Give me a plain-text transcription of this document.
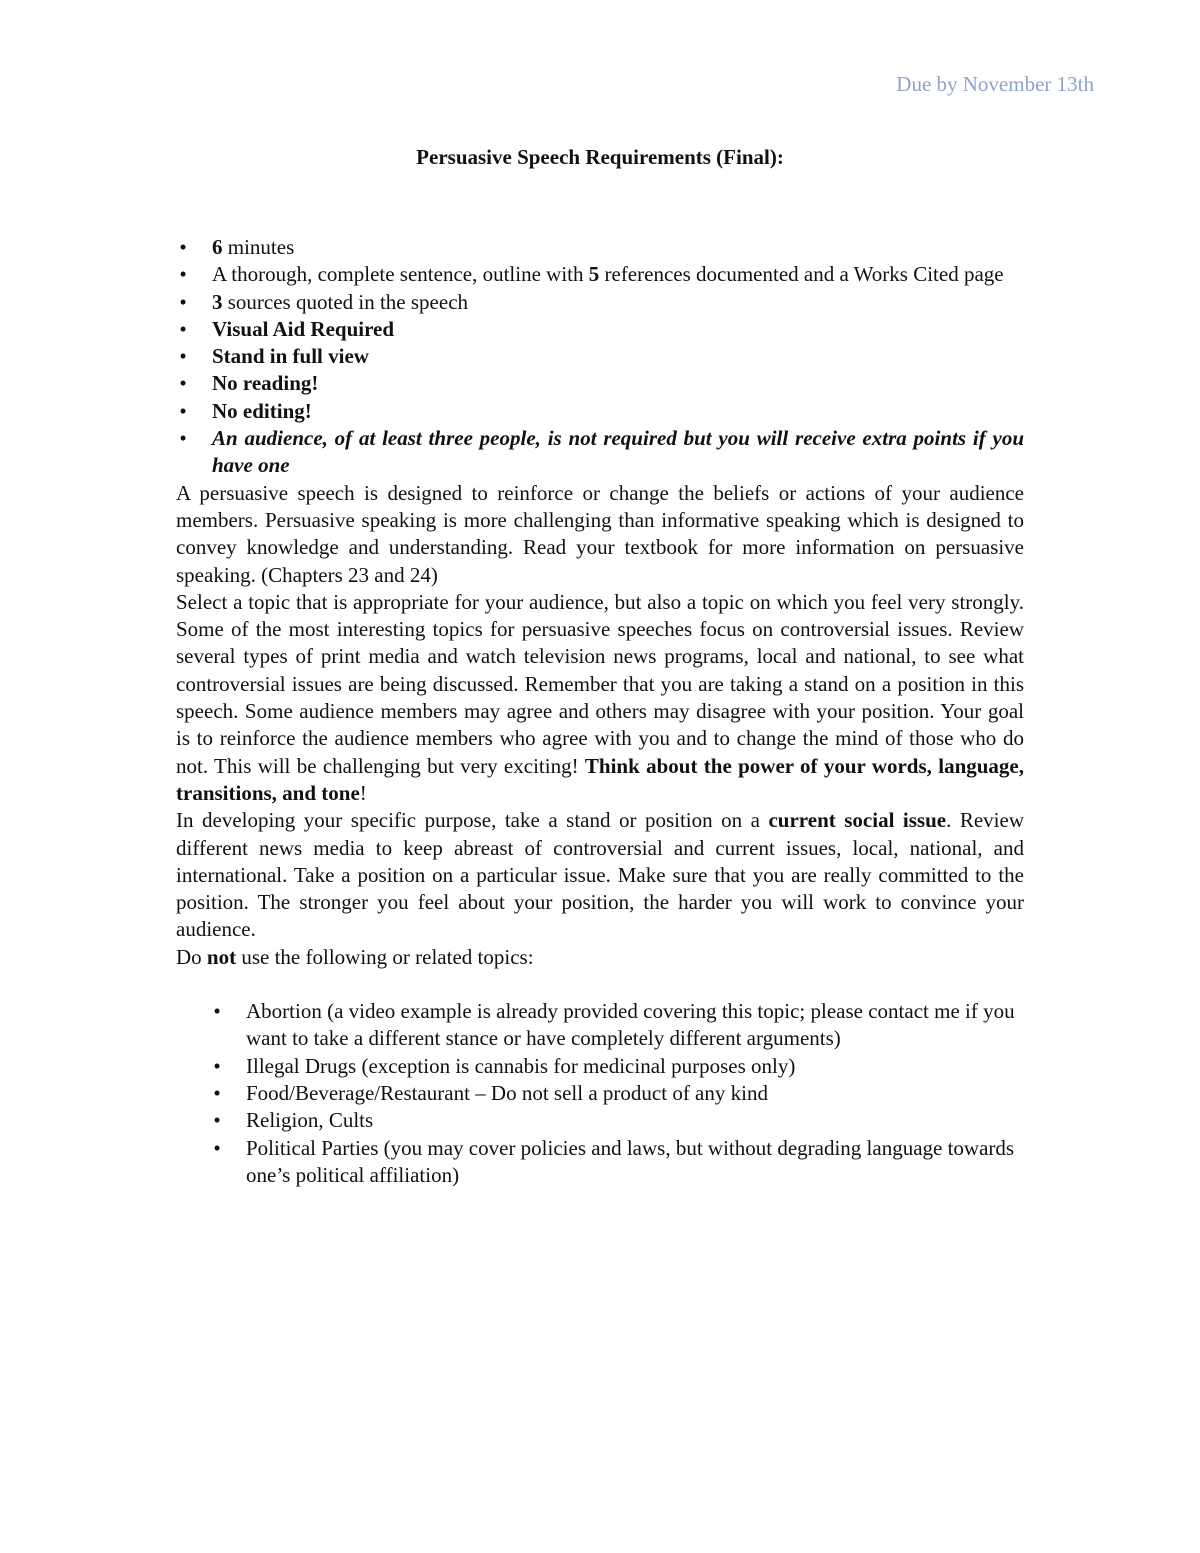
Due by November 13th
Persuasive Speech Requirements (Final):
• 6 minutes
• A thorough, complete sentence, outline with 5 references documented and a Works Cited page
• 3 sources quoted in the speech
• Visual Aid Required
• Stand in full view
• No reading!
• No editing!
• An audience, of at least three people, is not required but you will receive extra points if you have one

A persuasive speech is designed to reinforce or change the beliefs or actions of your audience members. Persuasive speaking is more challenging than informative speaking which is designed to convey knowledge and understanding. Read your textbook for more information on persuasive speaking. (Chapters 23 and 24)

Select a topic that is appropriate for your audience, but also a topic on which you feel very strongly. Some of the most interesting topics for persuasive speeches focus on controversial issues. Review several types of print media and watch television news programs, local and national, to see what controversial issues are being discussed. Remember that you are taking a stand on a position in this speech. Some audience members may agree and others may disagree with your position. Your goal is to reinforce the audience members who agree with you and to change the mind of those who do not. This will be challenging but very exciting! Think about the power of your words, language, transitions, and tone!

In developing your specific purpose, take a stand or position on a current social issue. Review different news media to keep abreast of controversial and current issues, local, national, and international. Take a position on a particular issue. Make sure that you are really committed to the position. The stronger you feel about your position, the harder you will work to convince your audience.

Do not use the following or related topics:

• Abortion (a video example is already provided covering this topic; please contact me if you want to take a different stance or have completely different arguments)
• Illegal Drugs (exception is cannabis for medicinal purposes only)
• Food/Beverage/Restaurant – Do not sell a product of any kind
• Religion, Cults
• Political Parties (you may cover policies and laws, but without degrading language towards one’s political affiliation)
